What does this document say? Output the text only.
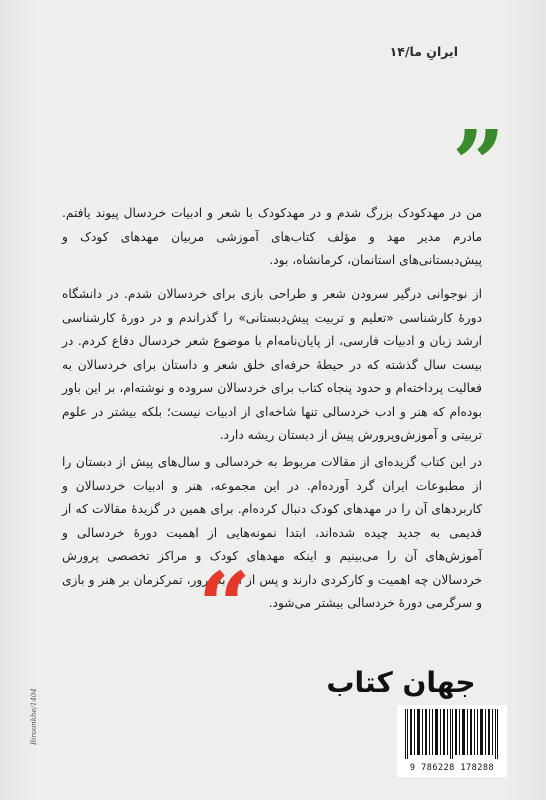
ایرانِ ما/۱۴
”

من در مهدکودک بزرگ شدم و در مهدکودک با شعر و ادبیات خردسال پیوند یافتم. مادرم مدیر مهد و مؤلف کتاب‌های آموزشی مربیان مهدهای کودک و پیش‌دبستانی‌های استانمان، کرمانشاه، بود.

از نوجوانی درگیر سرودن شعر و طراحی بازی برای خردسالان شدم. در دانشگاه دورهٔ کارشناسی «تعلیم و تربیت پیش‌دبستانی» را گذراندم و در دورهٔ کارشناسی ارشد زبان و ادبیات فارسی، از پایان‌نامه‌ام با موضوع شعر خردسال دفاع کردم. در بیست سال گذشته که در حیطهٔ حرفه‌ای خلق شعر و داستان برای خردسالان به فعالیت پرداخته‌ام و حدود پنجاه کتاب برای خردسالان سروده و نوشته‌ام، بر این باور بوده‌ام که هنر و ادب خردسالی تنها شاخه‌ای از ادبیات نیست؛ بلکه بیشتر در علوم تربیتی و آموزش‌وپرورش پیش از دبستان ریشه دارد.

در این کتاب گزیده‌ای از مقالات مربوط به خردسالی و سال‌های پیش از دبستان را از مطبوعات ایران گرد آورده‌ام. در این مجموعه، هنر و ادبیات خردسالان و کاربردهای آن را در مهدهای کودک دنبال کرده‌ام. برای همین در گزیدهٔ مقالات که از قدیمی به جدید چیده شده‌اند، ابتدا نمونه‌هایی از اهمیت دورهٔ خردسالی و آموزش‌های آن را می‌بینیم و اینکه مهدهای کودک و مراکز تخصصی پرورش خردسالان چه اهمیت و کارکردی دارند و پس از آن به‌مرور، تمرکزمان بر هنر و بازی و سرگرمی دورهٔ خردسالی بیشتر می‌شود.

“
جهان کتاب
9 786228 178288
Biroonkhe/1404
